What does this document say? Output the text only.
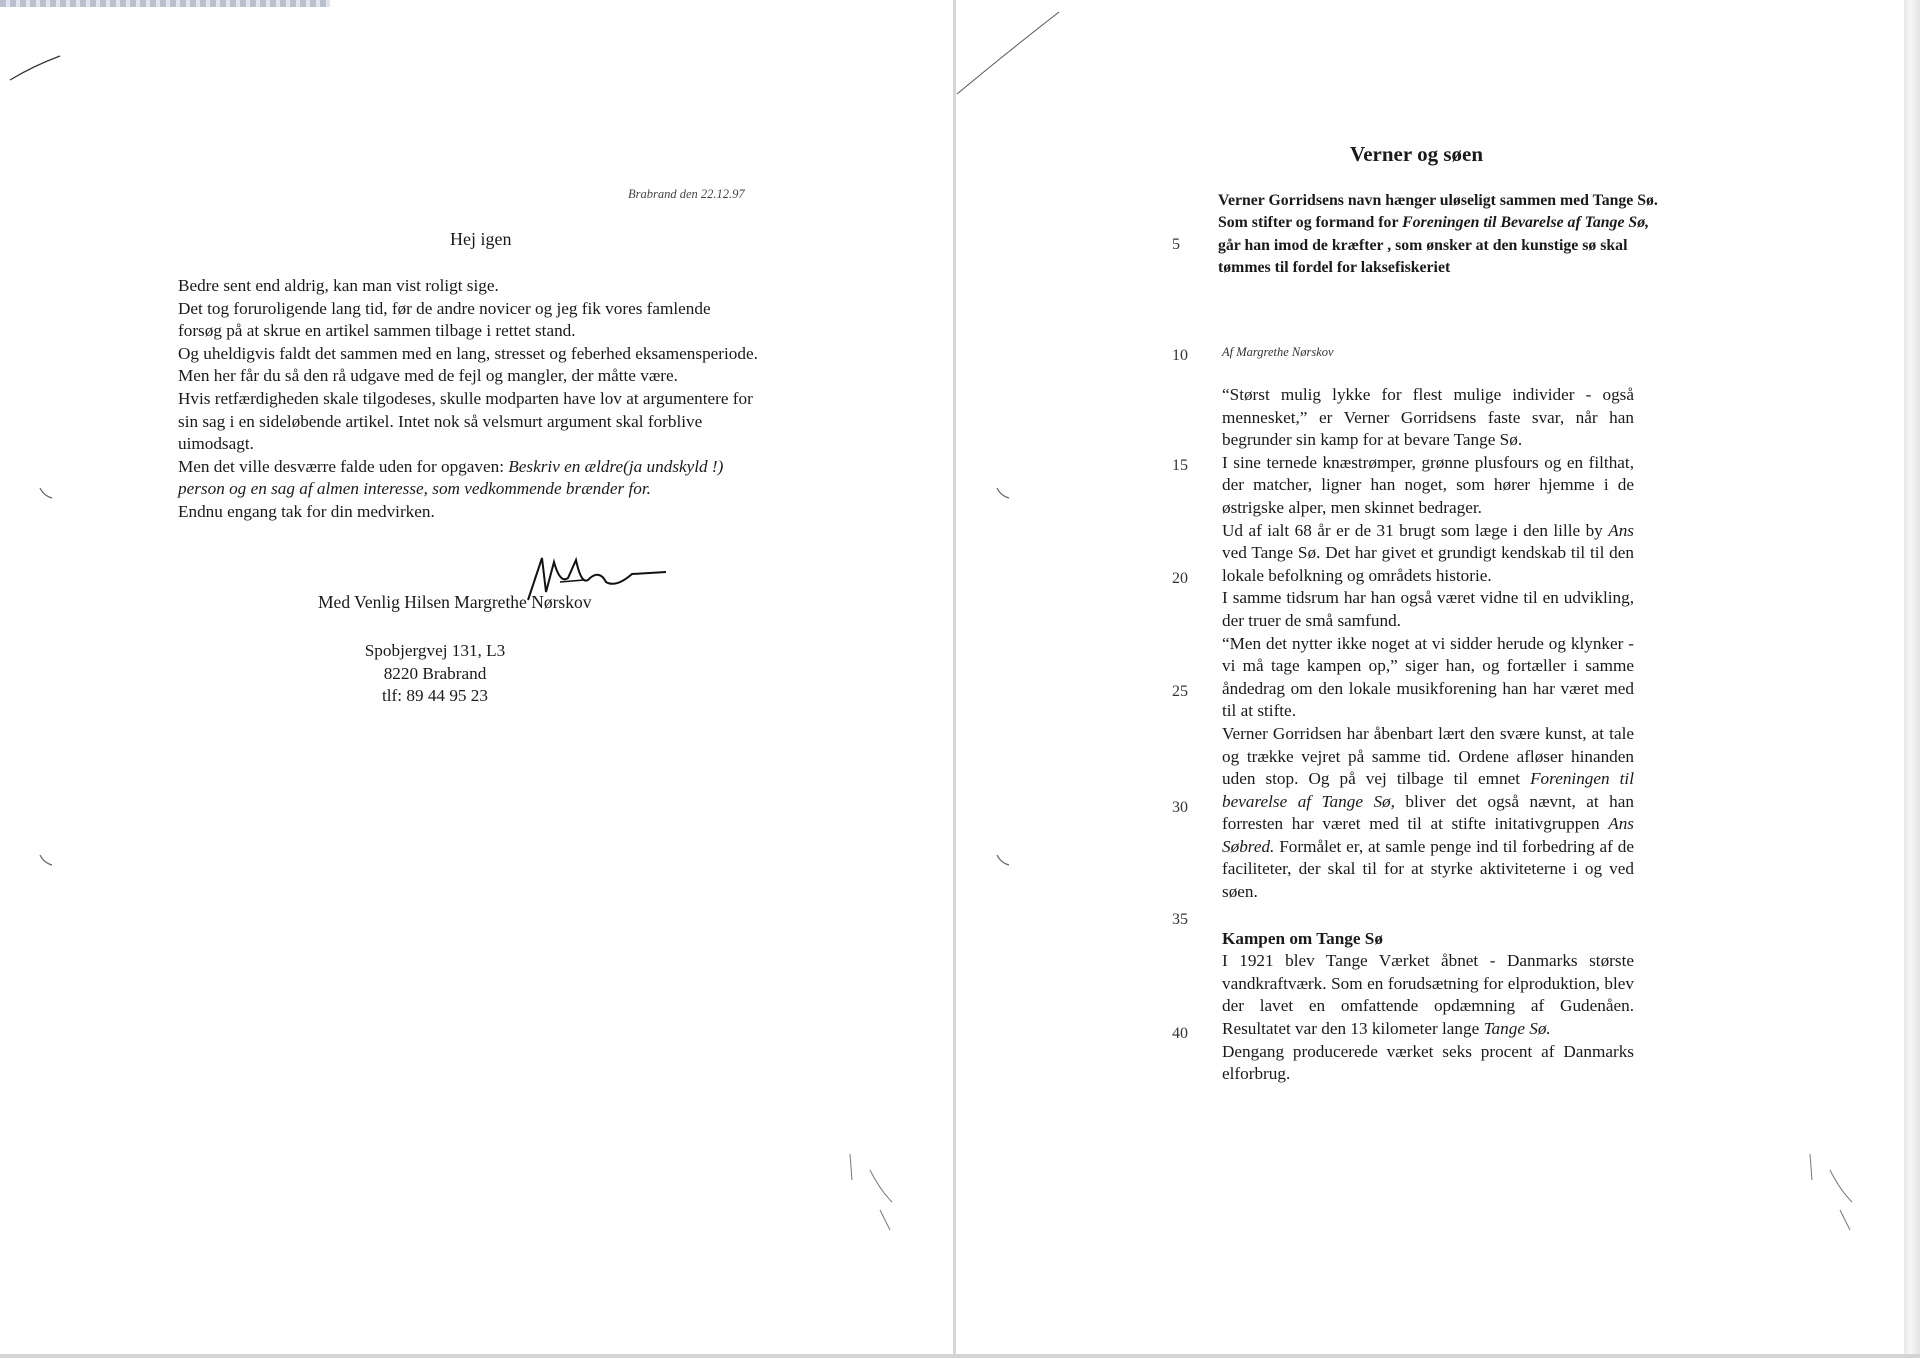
Brabrand den 22.12.97
Hej igen

Bedre sent end aldrig, kan man vist roligt sige.

Det tog foruroligende lang tid, før de andre novicer og jeg fik vores famlende forsøg på at skrue en artikel sammen tilbage i rettet stand.

Og uheldigvis faldt det sammen med en lang, stresset og feberhed eksamensperiode.

Men her får du så den rå udgave med de fejl og mangler, der måtte være.

Hvis retfærdigheden skale tilgodeses, skulle modparten have lov at argumentere for sin sag i en sideløbende artikel. Intet nok så velsmurt argument skal forblive uimodsagt.

Men det ville desværre falde uden for opgaven: Beskriv en ældre(ja undskyld !) person og en sag af almen interesse, som vedkommende brænder for.

Endnu engang tak for din medvirken.

Med Venlig Hilsen Margrethe Nørskov
Spobjergvej 131, L3
8220 Brabrand
tlf: 89 44 95 23
Verner og søen
Verner Gorridsens navn hænger uløseligt sammen med Tange Sø. Som stifter og formand for Foreningen til Bevarelse af Tange Sø, går han imod de kræfter , som ønsker at den kunstige sø skal tømmes til fordel for laksefiskeriet
Af Margrethe Nørskov
5
10
15
20
25
30
35
40

“Størst mulig lykke for flest mulige individer - også mennesket,” er Verner Gorridsens faste svar, når han begrunder sin kamp for at bevare Tange Sø.

I sine ternede knæstrømper, grønne plusfours og en filthat, der matcher, ligner han noget, som hører hjemme i de østrigske alper, men skinnet bedrager.

Ud af ialt 68 år er de 31 brugt som læge i den lille by Ans ved Tange Sø. Det har givet et grundigt kendskab til til den lokale befolkning og områdets historie.

I samme tidsrum har han også været vidne til en udvikling, der truer de små samfund.

“Men det nytter ikke noget at vi sidder herude og klynker - vi må tage kampen op,” siger han, og fortæller i samme åndedrag om den lokale musikforening han har været med til at stifte.

Verner Gorridsen har åbenbart lært den svære kunst, at tale og trække vejret på samme tid. Ordene afløser hinanden uden stop. Og på vej tilbage til emnet Foreningen til bevarelse af Tange Sø, bliver det også nævnt, at han forresten har været med til at stifte initativgruppen Ans Søbred. Formålet er, at samle penge ind til forbedring af de faciliteter, der skal til for at styrke aktiviteterne i og ved søen.

Kampen om Tange Sø

I 1921 blev Tange Værket åbnet - Danmarks største vandkraftværk. Som en forudsætning for elproduktion, blev der lavet en omfattende opdæmning af Gudenåen. Resultatet var den 13 kilometer lange Tange Sø.

Dengang producerede værket seks procent af Danmarks elforbrug.
